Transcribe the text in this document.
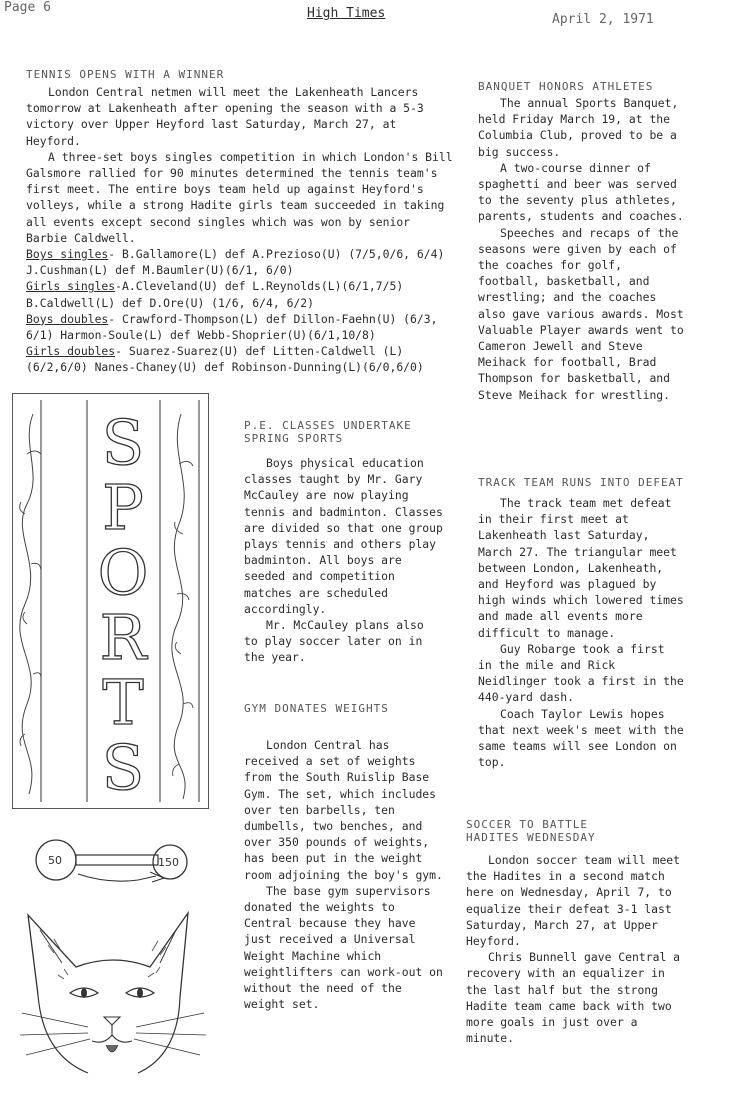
Page 6	High Times	April 2, 1971
TENNIS OPENS WITH A WINNER

London Central netmen will meet the Lakenheath Lancers tomorrow at Lakenheath after opening the season with a 5-3 victory over Upper Heyford last Saturday, March 27, at Heyford.

A three-set boys singles competition in which London's Bill Galsmore rallied for 90 minutes determined the tennis team's first meet. The entire boys team held up against Heyford's volleys, while a strong Hadite girls team succeeded in taking all events except second singles which was won by senior Barbie Caldwell.

Boys singles- B.Gallamore(L) def A.Prezioso(U) (7/5,0/6, 6/4) J.Cushman(L) def M.Baumler(U)(6/1, 6/0)

Girls singles-A.Cleveland(U) def L.Reynolds(L)(6/1,7/5) B.Caldwell(L) def D.Ore(U) (1/6, 6/4, 6/2)

Boys doubles- Crawford-Thompson(L) def Dillon-Faehn(U) (6/3, 6/1) Harmon-Soule(L) def Webb-Shoprier(U)(6/1,10/8)

Girls doubles- Suarez-Suarez(U) def Litten-Caldwell (L) (6/2,6/0) Nanes-Chaney(U) def Robinson-Dunning(L)(6/0,6/0)

S
P
O
R
T
S
50	150
P.E. CLASSES UNDERTAKE
SPRING SPORTS

Boys physical education classes taught by Mr. Gary McCauley are now playing tennis and badminton. Classes are divided so that one group plays tennis and others play badminton. All boys are seeded and competition matches are scheduled accordingly.

Mr. McCauley plans also to play soccer later on in the year.

GYM DONATES WEIGHTS

London Central has received a set of weights from the South Ruislip Base Gym. The set, which includes over ten barbells, ten dumbells, two benches, and over 350 pounds of weights, has been put in the weight room adjoining the boy's gym.

The base gym supervisors donated the weights to Central because they have just received a Universal Weight Machine which weightlifters can work-out on without the need of the weight set.

BANQUET HONORS ATHLETES

The annual Sports Banquet, held Friday March 19, at the Columbia Club, proved to be a big success.

A two-course dinner of spaghetti and beer was served to the seventy plus athletes, parents, students and coaches.

Speeches and recaps of the seasons were given by each of the coaches for golf, football, basketball, and wrestling; and the coaches also gave various awards. Most Valuable Player awards went to Cameron Jewell and Steve Meihack for football, Brad Thompson for basketball, and Steve Meihack for wrestling.

TRACK TEAM RUNS INTO DEFEAT

The track team met defeat in their first meet at Lakenheath last Saturday, March 27. The triangular meet between London, Lakenheath, and Heyford was plagued by high winds which lowered times and made all events more difficult to manage.

Guy Robarge took a first in the mile and Rick Neidlinger took a first in the 440-yard dash.

Coach Taylor Lewis hopes that next week's meet with the same teams will see London on top.

SOCCER TO BATTLE
HADITES WEDNESDAY

London soccer team will meet the Hadites in a second match here on Wednesday, April 7, to equalize their defeat 3-1 last Saturday, March 27, at Upper Heyford.

Chris Bunnell gave Central a recovery with an equalizer in the last half but the strong Hadite team came back with two more goals in just over a minute.
